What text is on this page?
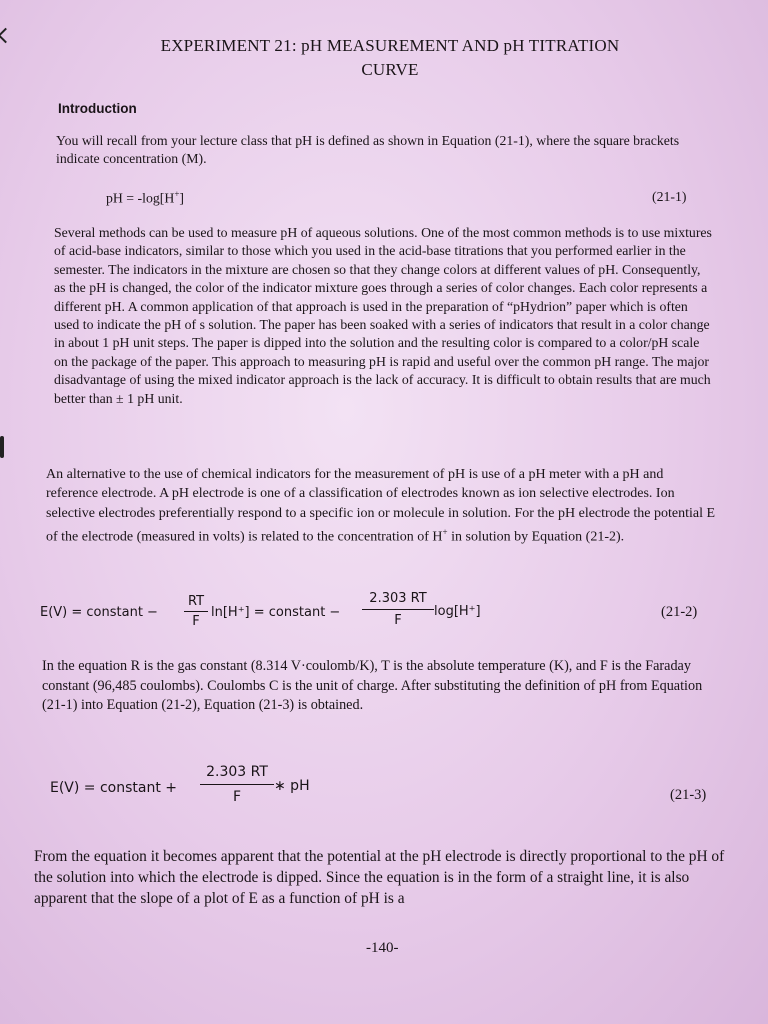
EXPERIMENT 21: pH MEASUREMENT AND pH TITRATION
CURVE
Introduction
You will recall from your lecture class that pH is defined as shown in Equation (21-1), where the square brackets indicate concentration (M).
pH = -log[H+]	(21-1)
Several methods can be used to measure pH of aqueous solutions. One of the most common methods is to use mixtures of acid-base indicators, similar to those which you used in the acid-base titrations that you performed earlier in the semester. The indicators in the mixture are chosen so that they change colors at different values of pH. Consequently, as the pH is changed, the color of the indicator mixture goes through a series of color changes. Each color represents a different pH. A common application of that approach is used in the preparation of “pHydrion” paper which is often used to indicate the pH of s solution. The paper has been soaked with a series of indicators that result in a color change in about 1 pH unit steps. The paper is dipped into the solution and the resulting color is compared to a color/pH scale on the package of the paper. This approach to measuring pH is rapid and useful over the common pH range. The major disadvantage of using the mixed indicator approach is the lack of accuracy. It is difficult to obtain results that are much better than ± 1 pH unit.
An alternative to the use of chemical indicators for the measurement of pH is use of a pH meter with a pH and reference electrode. A pH electrode is one of a classification of electrodes known as ion selective electrodes. Ion selective electrodes preferentially respond to a specific ion or molecule in solution. For the pH electrode the potential E of the electrode (measured in volts) is related to the concentration of H+ in solution by Equation (21-2).
E(V) = constant −
RT
F
ln[H⁺] = constant −
2.303 RT
F
log[H⁺]	(21-2)
In the equation R is the gas constant (8.314 V·coulomb/K), T is the absolute temperature (K), and F is the Faraday constant (96,485 coulombs). Coulombs C is the unit of charge. After substituting the definition of pH from Equation (21-1) into Equation (21-2), Equation (21-3) is obtained.
E(V) = constant +
2.303 RT
F
∗ pH
(21-3)
From the equation it becomes apparent that the potential at the pH electrode is directly proportional to the pH of the solution into which the electrode is dipped. Since the equation is in the form of a straight line, it is also apparent that the slope of a plot of E as a function of pH is a
-140-
